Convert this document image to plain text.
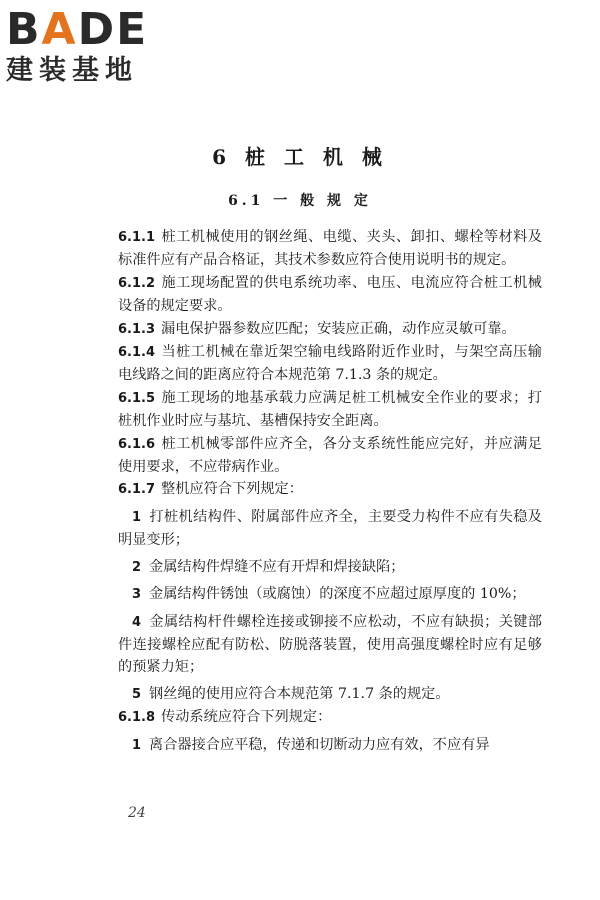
BADE
建装基地
6 桩 工 机 械
6.1 一 般 规 定

6.1.1 桩工机械使用的钢丝绳、电缆、夹头、卸扣、螺栓等材料及标准件应有产品合格证，其技术参数应符合使用说明书的规定。

6.1.2 施工现场配置的供电系统功率、电压、电流应符合桩工机械设备的规定要求。

6.1.3 漏电保护器参数应匹配；安装应正确，动作应灵敏可靠。

6.1.4 当桩工机械在靠近架空输电线路附近作业时，与架空高压输电线路之间的距离应符合本规范第 7.1.3 条的规定。

6.1.5 施工现场的地基承载力应满足桩工机械安全作业的要求；打桩机作业时应与基坑、基槽保持安全距离。

6.1.6 桩工机械零部件应齐全，各分支系统性能应完好，并应满足使用要求，不应带病作业。

6.1.7 整机应符合下列规定：

1 打桩机结构件、附属部件应齐全，主要受力构件不应有失稳及明显变形；

2 金属结构件焊缝不应有开焊和焊接缺陷；

3 金属结构件锈蚀（或腐蚀）的深度不应超过原厚度的 10%；

4 金属结构杆件螺栓连接或铆接不应松动，不应有缺损；关键部件连接螺栓应配有防松、防脱落装置，使用高强度螺栓时应有足够的预紧力矩；

5 钢丝绳的使用应符合本规范第 7.1.7 条的规定。

6.1.8 传动系统应符合下列规定：

1 离合器接合应平稳，传递和切断动力应有效，不应有异

24
